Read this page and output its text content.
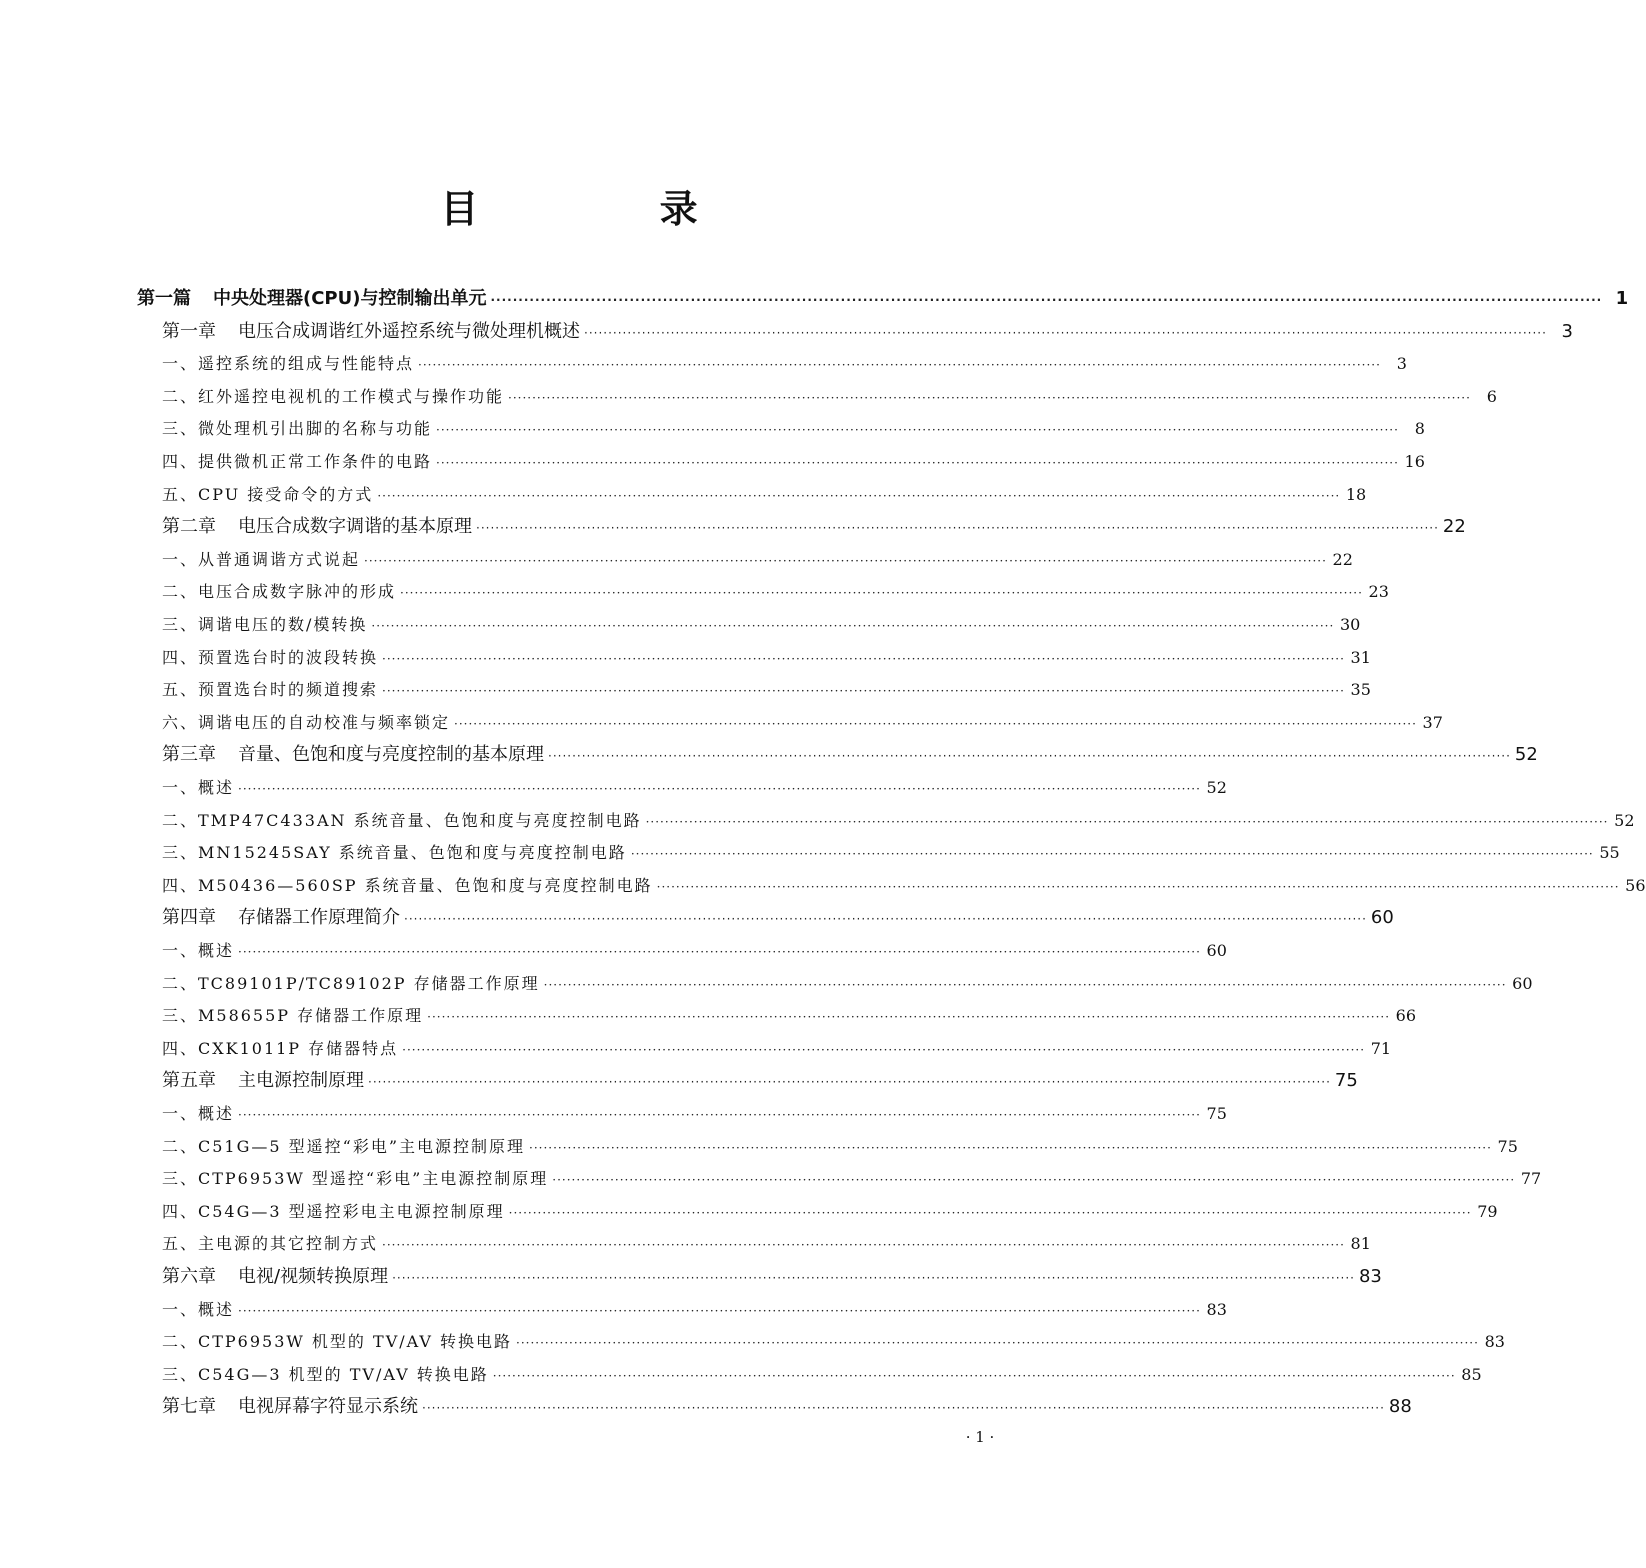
目 录
第一篇 中央处理器(CPU)与控制输出单元 ········································································································································································································ 1
第一章 电压合成调谐红外遥控系统与微处理机概述 ········································································································································································································ 3
一、遥控系统的组成与性能特点 ········································································································································································································ 3
二、红外遥控电视机的工作模式与操作功能 ········································································································································································································ 6
三、微处理机引出脚的名称与功能 ········································································································································································································ 8
四、提供微机正常工作条件的电路 ········································································································································································································ 16
五、CPU 接受命令的方式 ········································································································································································································ 18
第二章 电压合成数字调谐的基本原理 ········································································································································································································ 22
一、从普通调谐方式说起 ········································································································································································································ 22
二、电压合成数字脉冲的形成 ········································································································································································································ 23
三、调谐电压的数/模转换 ········································································································································································································ 30
四、预置选台时的波段转换 ········································································································································································································ 31
五、预置选台时的频道搜索 ········································································································································································································ 35
六、调谐电压的自动校准与频率锁定 ········································································································································································································ 37
第三章 音量、色饱和度与亮度控制的基本原理 ········································································································································································································ 52
一、概述 ········································································································································································································ 52
二、TMP47C433AN 系统音量、色饱和度与亮度控制电路 ········································································································································································································ 52
三、MN15245SAY 系统音量、色饱和度与亮度控制电路 ········································································································································································································ 55
四、M50436—560SP 系统音量、色饱和度与亮度控制电路 ········································································································································································································ 56
第四章 存储器工作原理简介 ········································································································································································································ 60
一、概述 ········································································································································································································ 60
二、TC89101P/TC89102P 存储器工作原理 ········································································································································································································ 60
三、M58655P 存储器工作原理 ········································································································································································································ 66
四、CXK1011P 存储器特点 ········································································································································································································ 71
第五章 主电源控制原理 ········································································································································································································ 75
一、概述 ········································································································································································································ 75
二、C51G—5 型遥控“彩电”主电源控制原理 ········································································································································································································ 75
三、CTP6953W 型遥控“彩电”主电源控制原理 ········································································································································································································ 77
四、C54G—3 型遥控彩电主电源控制原理 ········································································································································································································ 79
五、主电源的其它控制方式 ········································································································································································································ 81
第六章 电视/视频转换原理 ········································································································································································································ 83
一、概述 ········································································································································································································ 83
二、CTP6953W 机型的 TV/AV 转换电路 ········································································································································································································ 83
三、C54G—3 机型的 TV/AV 转换电路 ········································································································································································································ 85
第七章 电视屏幕字符显示系统 ········································································································································································································ 88
· 1 ·
